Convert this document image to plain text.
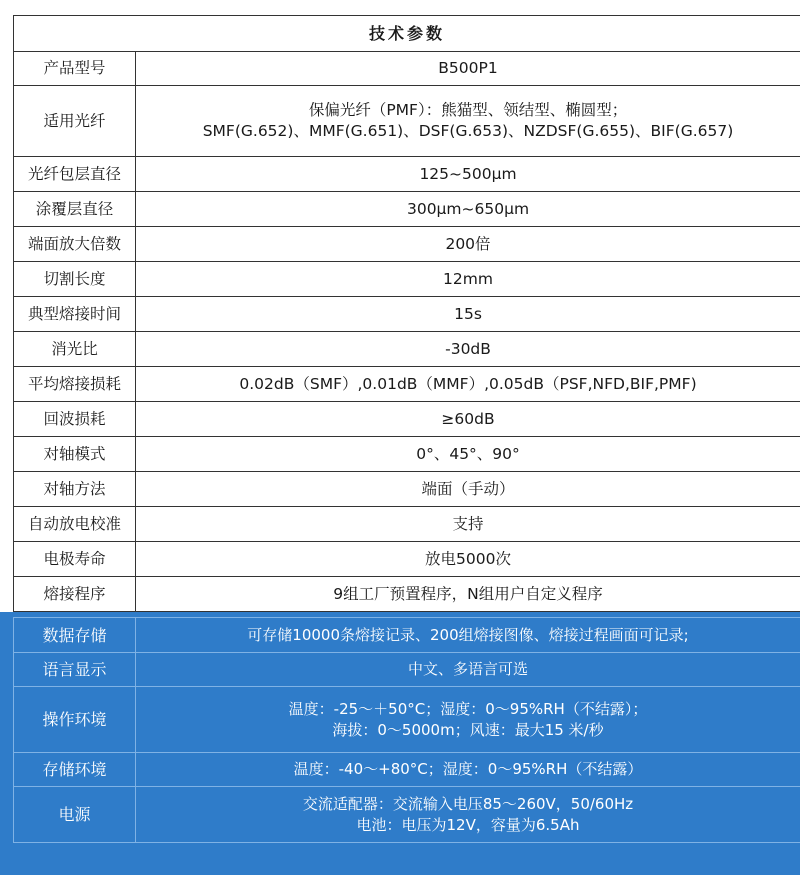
技术参数	
产品型号	B500P1

适用光纤	保偏光纤（PMF）：熊猫型、领结型、椭圆型；
SMF(G.652)、MMF(G.651)、DSF(G.653)、NZDSF(G.655)、BIF(G.657)

光纤包层直径	125~500μm

涂覆层直径	300μm~650μm

端面放大倍数	200倍

切割长度	12mm

典型熔接时间	15s

消光比	-30dB

平均熔接损耗	0.02dB（SMF）,0.01dB（MMF）,0.05dB（PSF,NFD,BIF,PMF)

回波损耗	≥60dB

对轴模式	0°、45°、90°

对轴方法	端面（手动）

自动放电校准	支持

电极寿命	放电5000次

熔接程序	9组工厂预置程序，N组用户自定义程序
数据存储	可存储10000条熔接记录、200组熔接图像、熔接过程画面可记录;

语言显示	中文、多语言可选

操作环境	温度：-25～＋50°C；湿度：0～95%RH（不结露）；
海拔：0～5000m；风速：最大15 米/秒

存储环境	温度：-40～+80°C；湿度：0～95%RH（不结露）

电源	交流适配器：交流输入电压85～260V，50/60Hz
电池：电压为12V，容量为6.5Ah
